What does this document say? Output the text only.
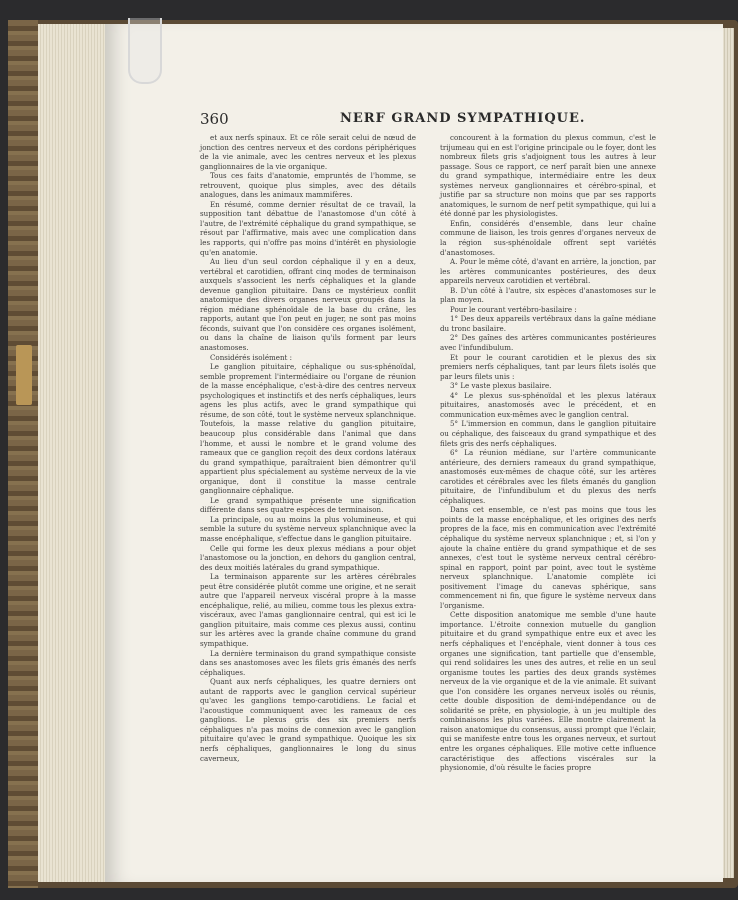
360	NERF GRAND SYMPATHIQUE.

et aux nerfs spinaux. Et ce rôle serait celui de nœud de jonction des centres nerveux et des cordons périphériques de la vie animale, avec les centres nerveux et les plexus ganglionnaires de la vie organique.

Tous ces faits d'anatomie, empruntés de l'homme, se retrouvent, quoique plus simples, avec des détails analogues, dans les animaux mammifères.

En résumé, comme dernier résultat de ce travail, la supposition tant débattue de l'anastomose d'un côté à l'autre, de l'extrémité céphalique du grand sympathique, se résout par l'affirmative, mais avec une complication dans les rapports, qui n'offre pas moins d'intérêt en physiologie qu'en anatomie.

Au lieu d'un seul cordon céphalique il y en a deux, vertébral et carotidien, offrant cinq modes de terminaison auxquels s'associent les nerfs céphaliques et la glande devenue ganglion pituitaire. Dans ce mystérieux conflit anatomique des divers organes nerveux groupés dans la région médiane sphénoïdale de la base du crâne, les rapports, autant que l'on peut en juger, ne sont pas moins féconds, suivant que l'on considère ces organes isolément, ou dans la chaîne de liaison qu'ils forment par leurs anastomoses.

Considérés isolément :

Le ganglion pituitaire, céphalique ou sus-sphénoïdal, semble proprement l'intermédiaire ou l'organe de réunion de la masse encéphalique, c'est-à-dire des centres nerveux psychologiques et instinctifs et des nerfs céphaliques, leurs agens les plus actifs, avec le grand sympathique qui résume, de son côté, tout le système nerveux splanchnique. Toutefois, la masse relative du ganglion pituitaire, beaucoup plus considérable dans l'animal que dans l'homme, et aussi le nombre et le grand volume des rameaux que ce ganglion reçoit des deux cordons latéraux du grand sympathique, paraîtraient bien démontrer qu'il appartient plus spécialement au système nerveux de la vie organique, dont il constitue la masse centrale ganglionnaire céphalique.

Le grand sympathique présente une signification différente dans ses quatre espèces de terminaison.

La principale, ou au moins la plus volumineuse, et qui semble la suture du système nerveux splanchnique avec la masse encéphalique, s'effectue dans le ganglion pituitaire.

Celle qui forme les deux plexus médians a pour objet l'anastomose ou la jonction, en dehors du ganglion central, des deux moitiés latérales du grand sympathique.

La terminaison apparente sur les artères cérébrales peut être considérée plutôt comme une origine, et ne serait autre que l'appareil nerveux viscéral propre à la masse encéphalique, relié, au milieu, comme tous les plexus extra-viscéraux, avec l'amas ganglionnaire central, qui est ici le ganglion pituitaire, mais comme ces plexus aussi, continu sur les artères avec la grande chaîne commune du grand sympathique.

La dernière terminaison du grand sympathique consiste dans ses anastomoses avec les filets gris émanés des nerfs céphaliques.

Quant aux nerfs céphaliques, les quatre derniers ont autant de rapports avec le ganglion cervical supérieur qu'avec les ganglions tempo-carotidiens. Le facial et l'acoustique communiquent avec les rameaux de ces ganglions. Le plexus gris des six premiers nerfs céphaliques n'a pas moins de connexion avec le ganglion pituitaire qu'avec le grand sympathique. Quoique les six nerfs céphaliques, ganglionnaires le long du sinus caverneux,

concourent à la formation du plexus commun, c'est le trijumeau qui en est l'origine principale ou le foyer, dont les nombreux filets gris s'adjoignent tous les autres à leur passage. Sous ce rapport, ce nerf paraît bien une annexe du grand sympathique, intermédiaire entre les deux systèmes nerveux ganglionnaires et cérébro-spinal, et justifie par sa structure non moins que par ses rapports anatomiques, le surnom de nerf petit sympathique, qui lui a été donné par les physiologistes.

Enfin, considérés d'ensemble, dans leur chaîne commune de liaison, les trois genres d'organes nerveux de la région sus-sphénoïdale offrent sept variétés d'anastomoses.

A. Pour le même côté, d'avant en arrière, la jonction, par les artères communicantes postérieures, des deux appareils nerveux carotidien et vertébral.

B. D'un côté à l'autre, six espèces d'anastomoses sur le plan moyen.

Pour le courant vertébro-basilaire :

1° Des deux appareils vertébraux dans la gaîne médiane du tronc basilaire.

2° Des gaînes des artères communicantes postérieures avec l'infundibulum.

Et pour le courant carotidien et le plexus des six premiers nerfs céphaliques, tant par leurs filets isolés que par leurs filets unis :

3° Le vaste plexus basilaire.

4° Le plexus sus-sphénoïdal et les plexus latéraux pituitaires, anastomosés avec le précédent, et en communication eux-mêmes avec le ganglion central.

5° L'immersion en commun, dans le ganglion pituitaire ou céphalique, des faisceaux du grand sympathique et des filets gris des nerfs céphaliques.

6° La réunion médiane, sur l'artère communicante antérieure, des derniers rameaux du grand sympathique, anastomosés eux-mêmes de chaque côté, sur les artères carotides et cérébrales avec les filets émanés du ganglion pituitaire, de l'infundibulum et du plexus des nerfs céphaliques.

Dans cet ensemble, ce n'est pas moins que tous les points de la masse encéphalique, et les origines des nerfs propres de la face, mis en communication avec l'extrémité céphalique du système nerveux splanchnique ; et, si l'on y ajoute la chaîne entière du grand sympathique et de ses annexes, c'est tout le système nerveux central cérébro-spinal en rapport, point par point, avec tout le système nerveux splanchnique. L'anatomie complète ici positivement l'image du canevas sphérique, sans commencement ni fin, que figure le système nerveux dans l'organisme.

Cette disposition anatomique me semble d'une haute importance. L'étroite connexion mutuelle du ganglion pituitaire et du grand sympathique entre eux et avec les nerfs céphaliques et l'encéphale, vient donner à tous ces organes une signification, tant partielle que d'ensemble, qui rend solidaires les unes des autres, et relie en un seul organisme toutes les parties des deux grands systèmes nerveux de la vie organique et de la vie animale. Et suivant que l'on considère les organes nerveux isolés ou réunis, cette double disposition de demi-indépendance ou de solidarité se prête, en physiologie, à un jeu multiple des combinaisons les plus variées. Elle montre clairement la raison anatomique du consensus, aussi prompt que l'éclair, qui se manifeste entre tous les organes nerveux, et surtout entre les organes céphaliques. Elle motive cette influence caractéristique des affections viscérales sur la physionomie, d'où résulte le facies propre
